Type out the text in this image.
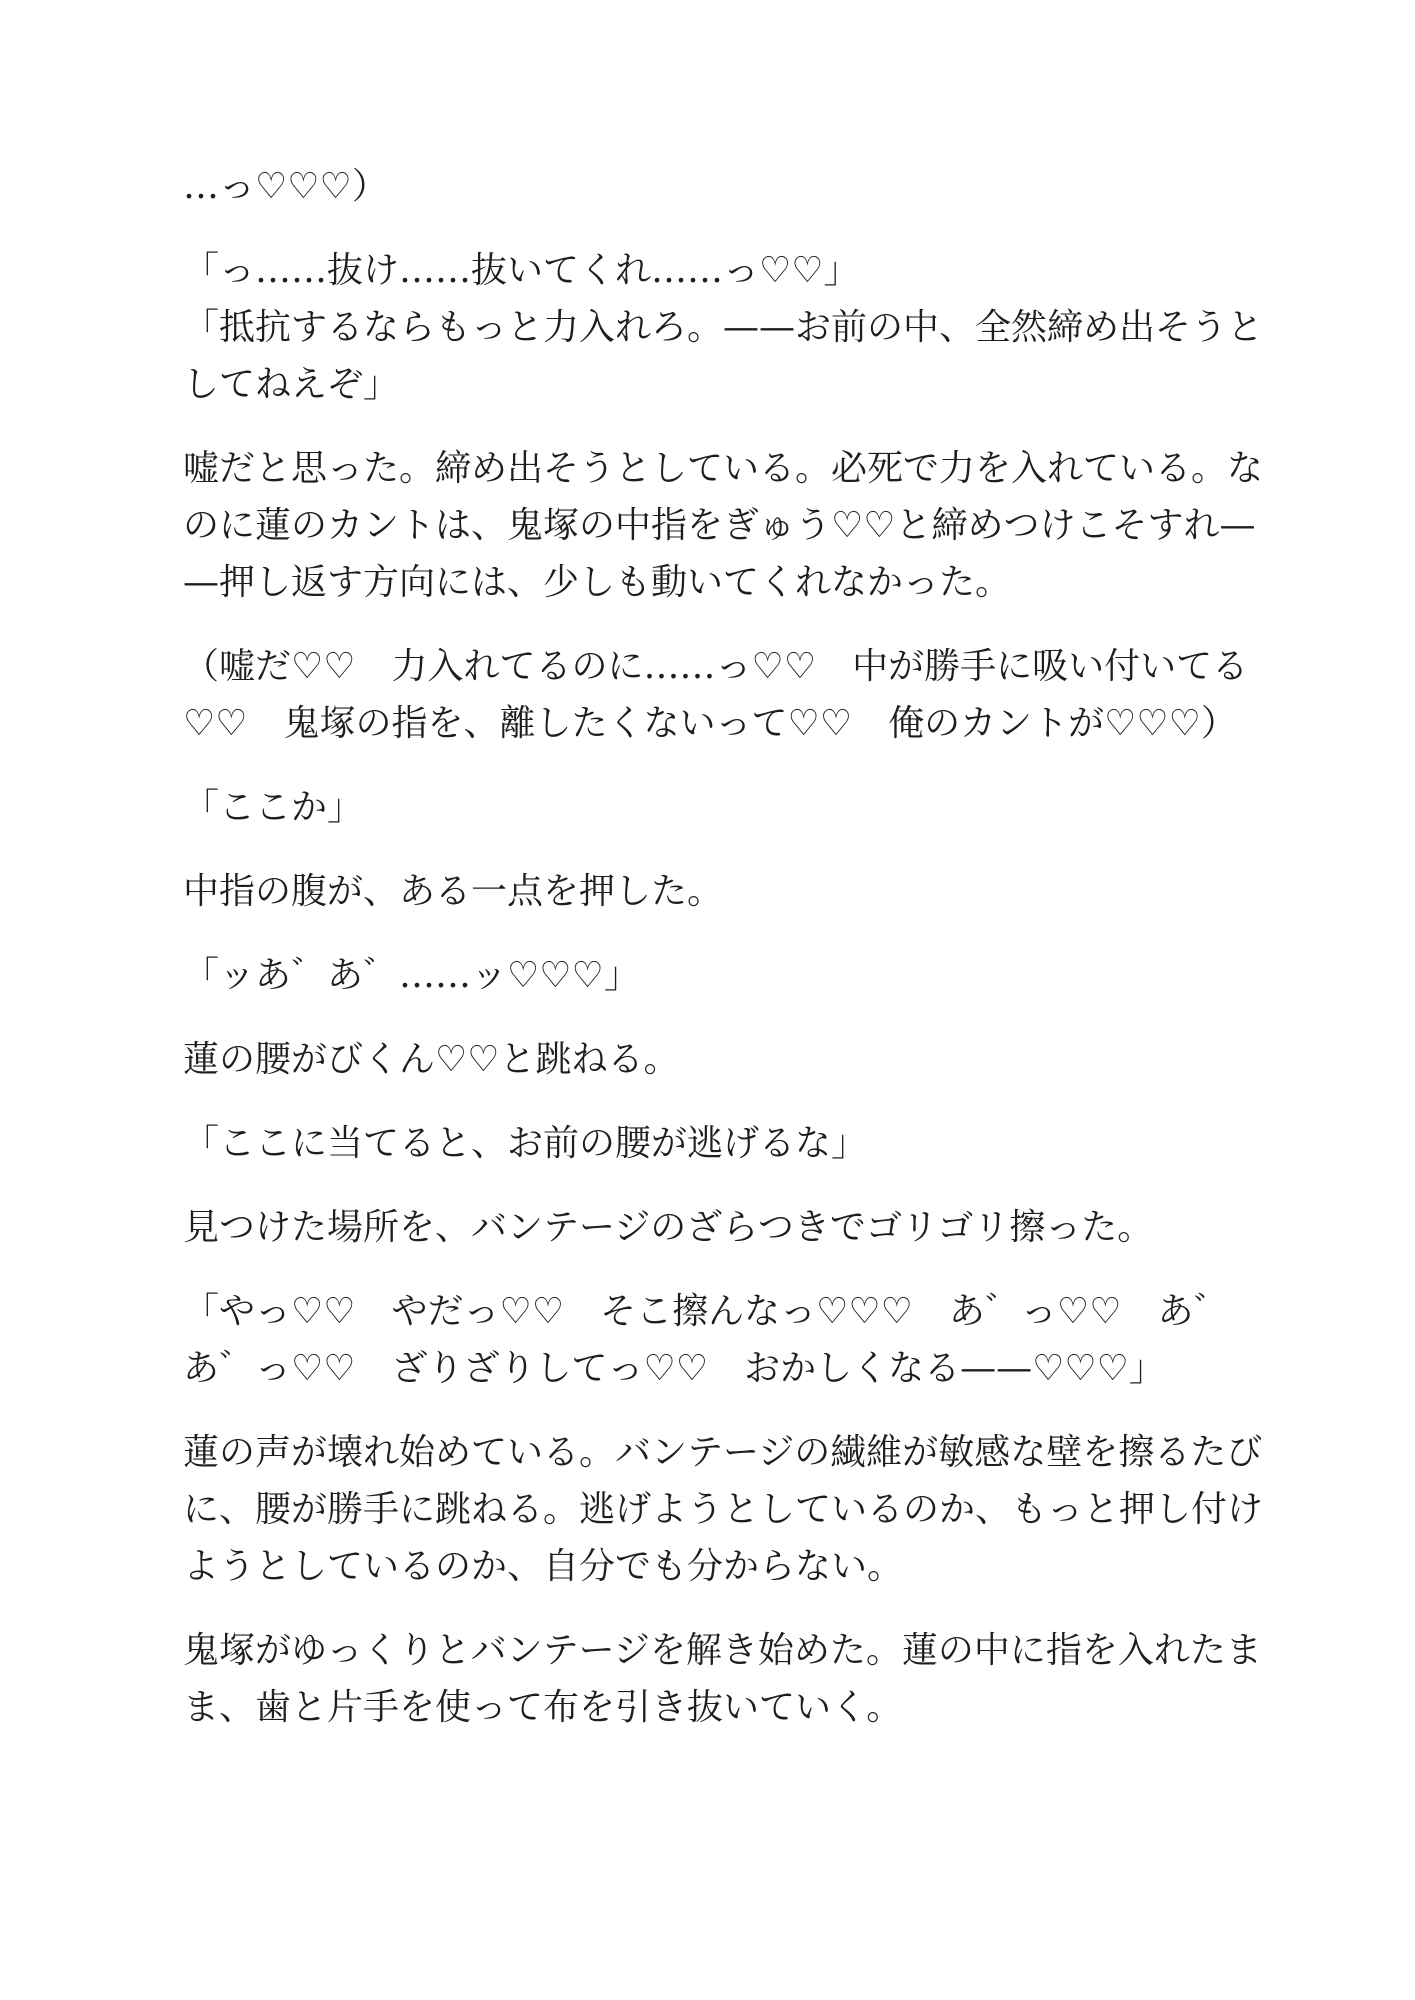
…っ♡♡♡）
「っ……抜け……抜いてくれ……っ♡♡」
「抵抗するならもっと力入れろ。——お前の中、全然締め出そうと
してねえぞ」
嘘だと思った。締め出そうとしている。必死で力を入れている。な
のに蓮のカントは、鬼塚の中指をぎゅう♡♡と締めつけこそすれ—
—押し返す方向には、少しも動いてくれなかった。
（嘘だ♡♡　力入れてるのに……っ♡♡　中が勝手に吸い付いてる
♡♡　鬼塚の指を、離したくないって♡♡　俺のカントが♡♡♡）
「ここか」
中指の腹が、ある一点を押した。
「ッあ゛あ゛……ッ♡♡♡」
蓮の腰がびくん♡♡と跳ねる。
「ここに当てると、お前の腰が逃げるな」
見つけた場所を、バンテージのざらつきでゴリゴリ擦った。
「やっ♡♡　やだっ♡♡　そこ擦んなっ♡♡♡　あ゛っ♡♡　あ゛
あ゛っ♡♡　ざりざりしてっ♡♡　おかしくなる——♡♡♡」
蓮の声が壊れ始めている。バンテージの繊維が敏感な壁を擦るたび
に、腰が勝手に跳ねる。逃げようとしているのか、もっと押し付け
ようとしているのか、自分でも分からない。
鬼塚がゆっくりとバンテージを解き始めた。蓮の中に指を入れたま
ま、歯と片手を使って布を引き抜いていく。
